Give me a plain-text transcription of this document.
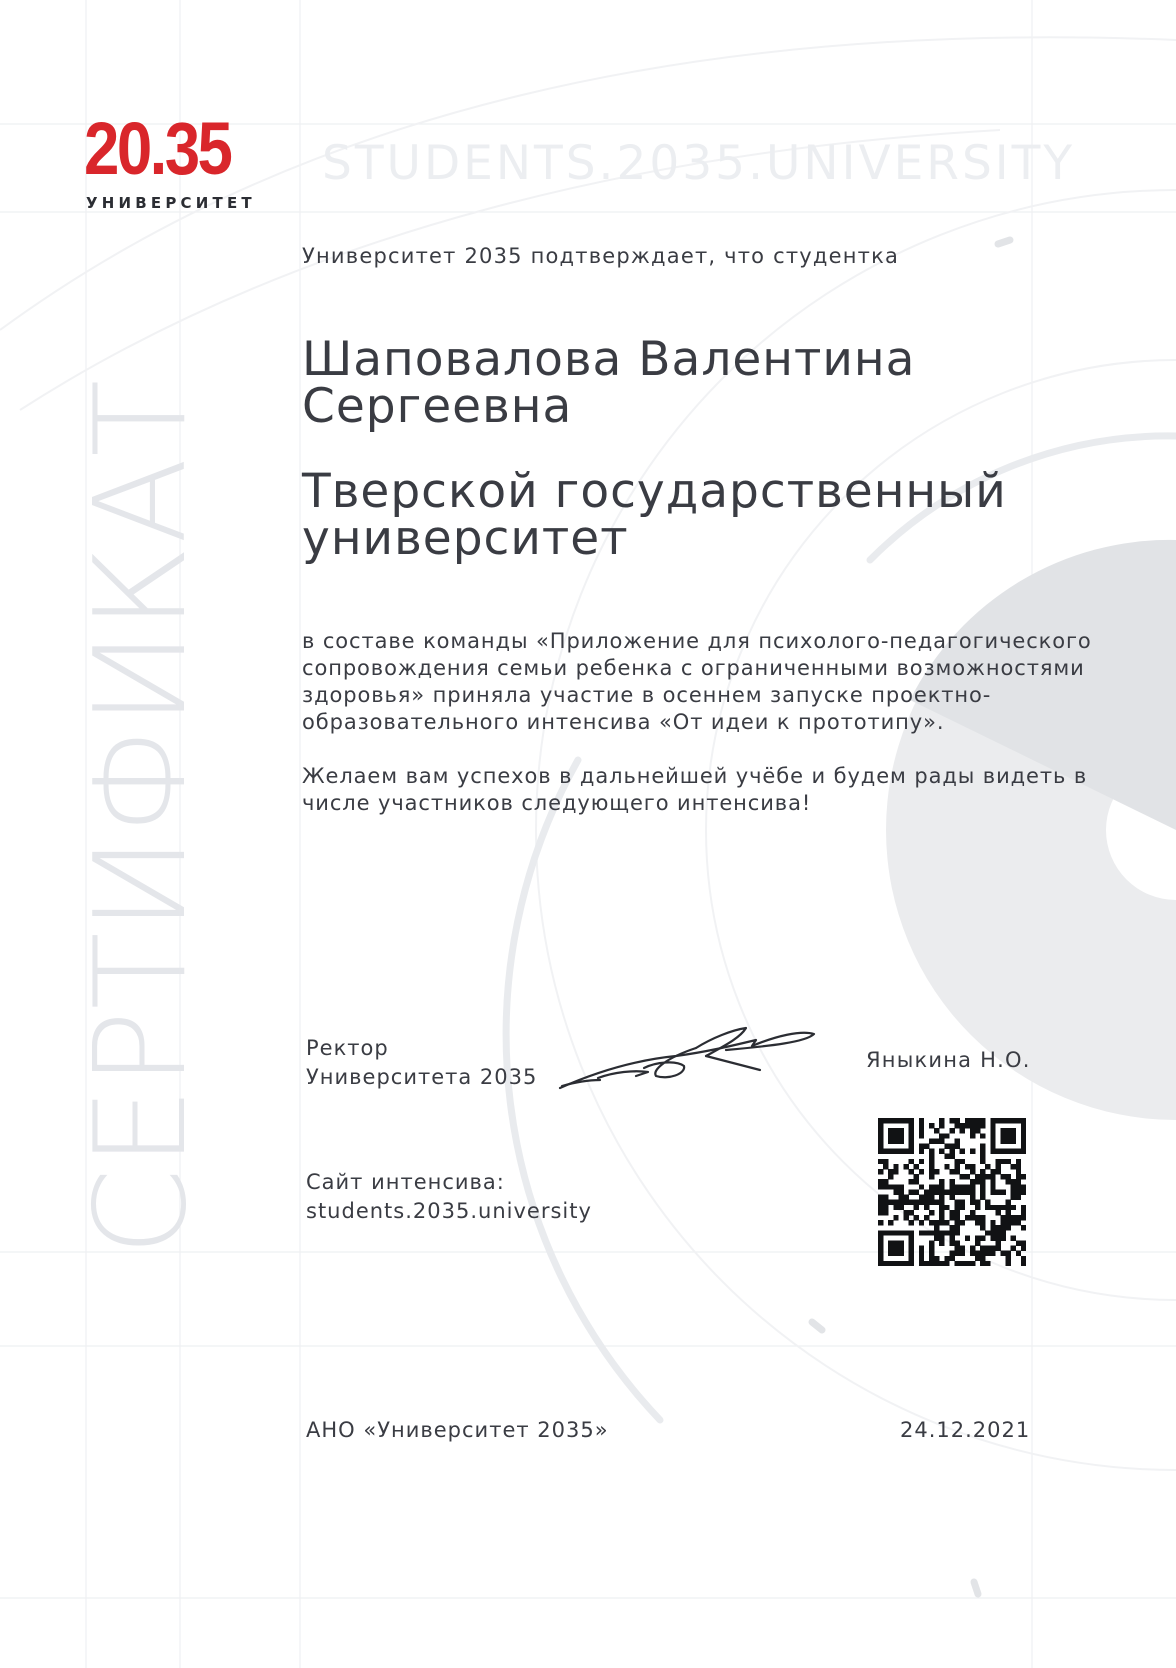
20.35
УНИВЕРСИТЕТ
STUDENTS.2035.UNIVERSITY
СЕРТИФИКАТ
Университет 2035 подтверждает, что студентка
Шаповалова Валентина
Сергеевна
Тверской государственный
университет

в составе команды «Приложение для психолого-педагогического сопровождения семьи ребенка с ограниченными возможностями здоровья» приняла участие в осеннем запуске проектно-образовательного интенсива «От идеи к прототипу».

Желаем вам успехов в дальнейшей учёбе и будем рады видеть в числе участников следующего интенсива!

Ректор
Университета 2035
Яныкина Н.О.
Сайт интенсива:
students.2035.university
АНО «Университет 2035»	24.12.2021
